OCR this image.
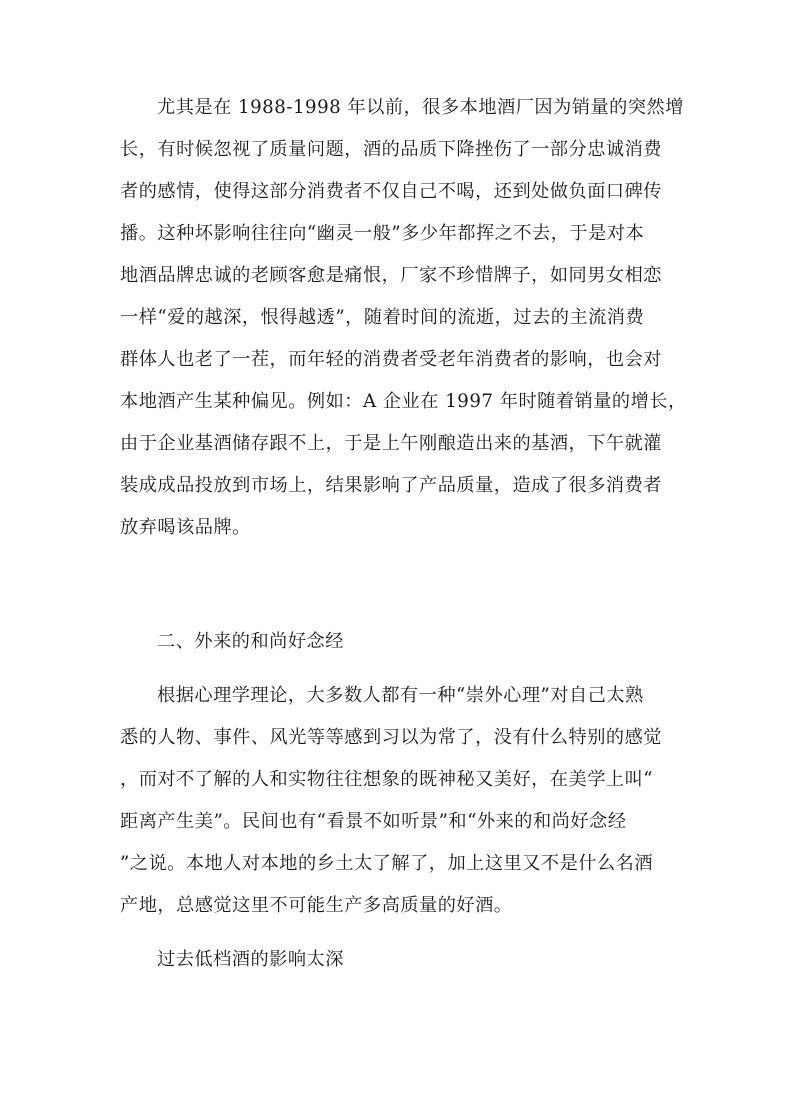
尤其是在 1988-1998 年以前，很多本地酒厂因为销量的突然增
长，有时候忽视了质量问题，酒的品质下降挫伤了一部分忠诚消费
者的感情，使得这部分消费者不仅自己不喝，还到处做负面口碑传
播。这种坏影响往往向“幽灵一般”多少年都挥之不去，于是对本
地酒品牌忠诚的老顾客愈是痛恨，厂家不珍惜牌子，如同男女相恋
一样“爱的越深，恨得越透”，随着时间的流逝，过去的主流消费
群体人也老了一茬，而年轻的消费者受老年消费者的影响，也会对
本地酒产生某种偏见。例如：A 企业在 1997 年时随着销量的增长，
由于企业基酒储存跟不上，于是上午刚酿造出来的基酒，下午就灌
装成成品投放到市场上，结果影响了产品质量，造成了很多消费者
放弃喝该品牌。
二、外来的和尚好念经
根据心理学理论，大多数人都有一种“崇外心理”对自己太熟
悉的人物、事件、风光等等感到习以为常了，没有什么特别的感觉
，而对不了解的人和实物往往想象的既神秘又美好，在美学上叫“
距离产生美”。民间也有“看景不如听景”和“外来的和尚好念经
”之说。本地人对本地的乡土太了解了，加上这里又不是什么名酒
产地，总感觉这里不可能生产多高质量的好酒。
过去低档酒的影响太深
